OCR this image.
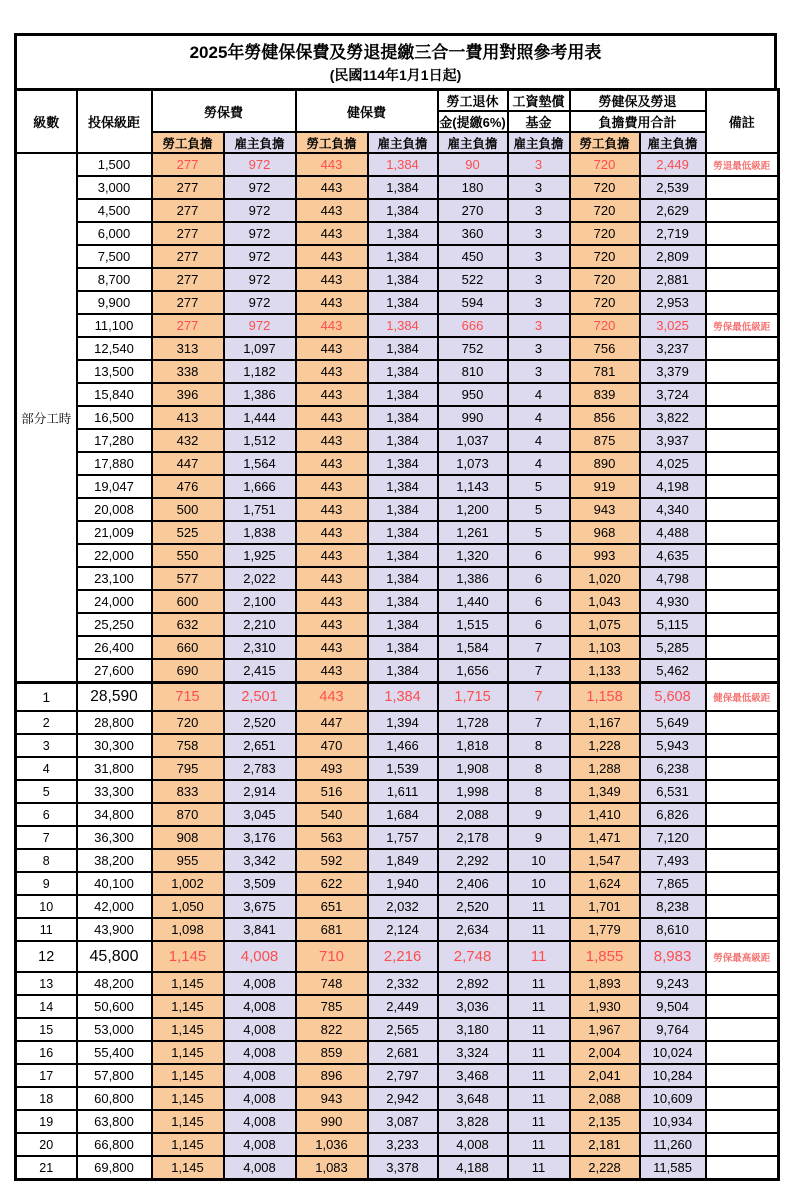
2025年勞健保保費及勞退提繳三合一費用對照參考用表
(民國114年1月1日起)
級數	投保級距	勞保費		健保費		勞工退休	工資墊償	勞健保及勞退		備註
						金(提繳6%)	基金	負擔費用合計		
		勞工負擔	雇主負擔	勞工負擔	雇主負擔	雇主負擔	雇主負擔	勞工負擔	雇主負擔	
部分工時	1,500	277	972	443	1,384	90	3	720	2,449	勞退最低級距
	3,000	277	972	443	1,384	180	3	720	2,539	
	4,500	277	972	443	1,384	270	3	720	2,629	
	6,000	277	972	443	1,384	360	3	720	2,719	
	7,500	277	972	443	1,384	450	3	720	2,809	
	8,700	277	972	443	1,384	522	3	720	2,881	
	9,900	277	972	443	1,384	594	3	720	2,953	
	11,100	277	972	443	1,384	666	3	720	3,025	勞保最低級距
	12,540	313	1,097	443	1,384	752	3	756	3,237	
	13,500	338	1,182	443	1,384	810	3	781	3,379	
	15,840	396	1,386	443	1,384	950	4	839	3,724	
	16,500	413	1,444	443	1,384	990	4	856	3,822	
	17,280	432	1,512	443	1,384	1,037	4	875	3,937	
	17,880	447	1,564	443	1,384	1,073	4	890	4,025	
	19,047	476	1,666	443	1,384	1,143	5	919	4,198	
	20,008	500	1,751	443	1,384	1,200	5	943	4,340	
	21,009	525	1,838	443	1,384	1,261	5	968	4,488	
	22,000	550	1,925	443	1,384	1,320	6	993	4,635	
	23,100	577	2,022	443	1,384	1,386	6	1,020	4,798	
	24,000	600	2,100	443	1,384	1,440	6	1,043	4,930	
	25,250	632	2,210	443	1,384	1,515	6	1,075	5,115	
	26,400	660	2,310	443	1,384	1,584	7	1,103	5,285	
	27,600	690	2,415	443	1,384	1,656	7	1,133	5,462	
1	28,590	715	2,501	443	1,384	1,715	7	1,158	5,608	健保最低級距
2	28,800	720	2,520	447	1,394	1,728	7	1,167	5,649	
3	30,300	758	2,651	470	1,466	1,818	8	1,228	5,943	
4	31,800	795	2,783	493	1,539	1,908	8	1,288	6,238	
5	33,300	833	2,914	516	1,611	1,998	8	1,349	6,531	
6	34,800	870	3,045	540	1,684	2,088	9	1,410	6,826	
7	36,300	908	3,176	563	1,757	2,178	9	1,471	7,120	
8	38,200	955	3,342	592	1,849	2,292	10	1,547	7,493	
9	40,100	1,002	3,509	622	1,940	2,406	10	1,624	7,865	
10	42,000	1,050	3,675	651	2,032	2,520	11	1,701	8,238	
11	43,900	1,098	3,841	681	2,124	2,634	11	1,779	8,610	
12	45,800	1,145	4,008	710	2,216	2,748	11	1,855	8,983	勞保最高級距
13	48,200	1,145	4,008	748	2,332	2,892	11	1,893	9,243	
14	50,600	1,145	4,008	785	2,449	3,036	11	1,930	9,504	
15	53,000	1,145	4,008	822	2,565	3,180	11	1,967	9,764	
16	55,400	1,145	4,008	859	2,681	3,324	11	2,004	10,024	
17	57,800	1,145	4,008	896	2,797	3,468	11	2,041	10,284	
18	60,800	1,145	4,008	943	2,942	3,648	11	2,088	10,609	
19	63,800	1,145	4,008	990	3,087	3,828	11	2,135	10,934	
20	66,800	1,145	4,008	1,036	3,233	4,008	11	2,181	11,260	
21	69,800	1,145	4,008	1,083	3,378	4,188	11	2,228	11,585	
